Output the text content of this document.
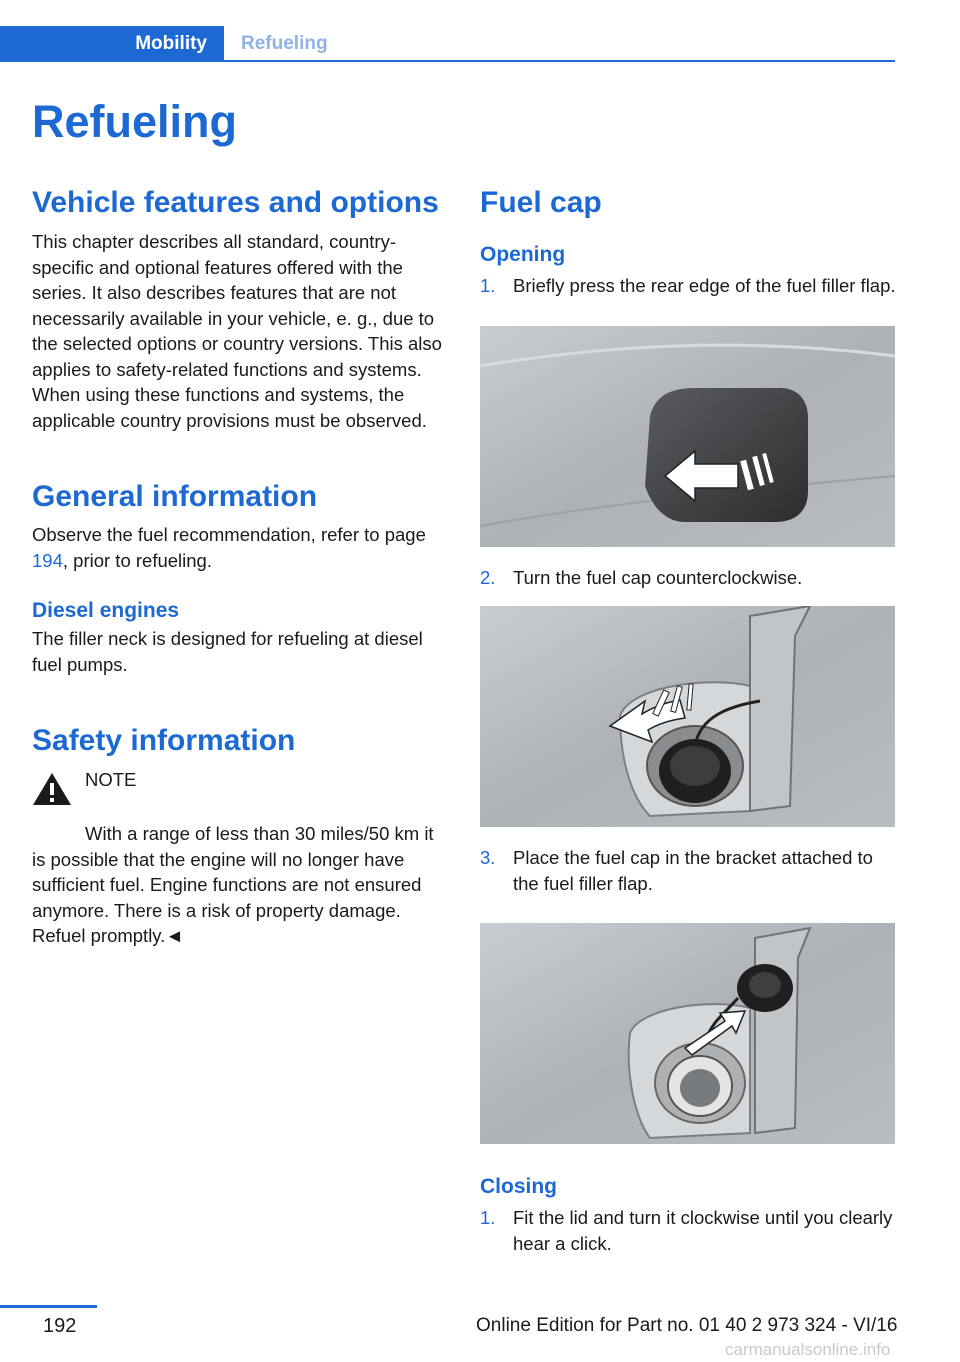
Mobility Refueling
Refueling
Vehicle features and options

This chapter describes all standard, country-specific and optional features offered with the series. It also describes features that are not necessarily available in your vehicle, e. g., due to the selected options or country versions. This also applies to safety-related functions and systems. When using these functions and systems, the applicable country provisions must be observed.

General information

Observe the fuel recommendation, refer to page 194, prior to refueling.

Diesel engines

The filler neck is designed for refueling at diesel fuel pumps.

Safety information
NOTE
With a range of less than 30 miles/50 km it is possible that the engine will no longer have sufficient fuel. Engine functions are not ensured anymore. There is a risk of property damage. Refuel promptly.◄
Fuel cap
Opening
1. Briefly press the rear edge of the fuel filler flap.
2. Turn the fuel cap counterclockwise.
3. Place the fuel cap in the bracket attached to the fuel filler flap.
Closing
1. Fit the lid and turn it clockwise until you clearly hear a click.
192	Online Edition for Part no. 01 40 2 973 324 - VI/16
carmanualsonline.info
